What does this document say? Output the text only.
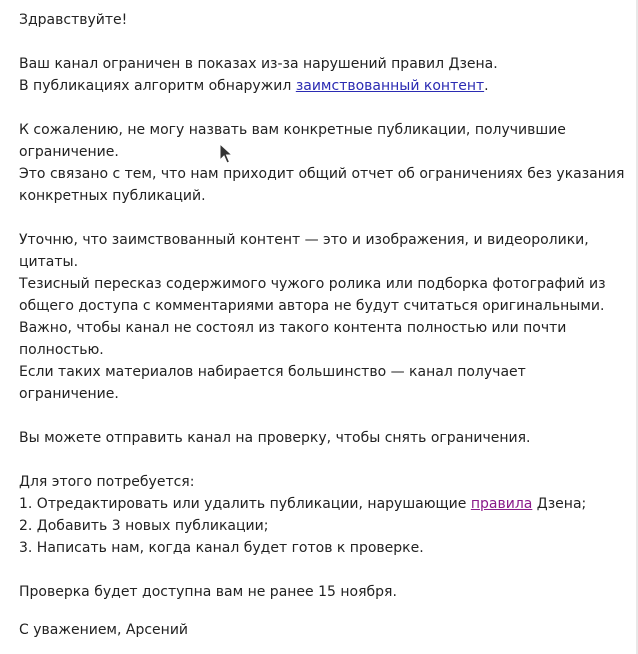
Здравствуйте!
Ваш канал ограничен в показах из-за нарушений правил Дзена.
В публикациях алгоритм обнаружил заимствованный контент.
К сожалению, не могу назвать вам конкретные публикации, получившие
ограничение.
Это связано с тем, что нам приходит общий отчет об ограничениях без указания
конкретных публикаций.
Уточню, что заимствованный контент — это и изображения, и видеоролики,
цитаты.
Тезисный пересказ содержимого чужого ролика или подборка фотографий из
общего доступа с комментариями автора не будут считаться оригинальными.
Важно, чтобы канал не состоял из такого контента полностью или почти
полностью.
Если таких материалов набирается большинство — канал получает
ограничение.
Вы можете отправить канал на проверку, чтобы снять ограничения.
Для этого потребуется:
1. Отредактировать или удалить публикации, нарушающие правила Дзена;
2. Добавить 3 новых публикации;
3. Написать нам, когда канал будет готов к проверке.
Проверка будет доступна вам не ранее 15 ноября.
С уважением, Арсений
